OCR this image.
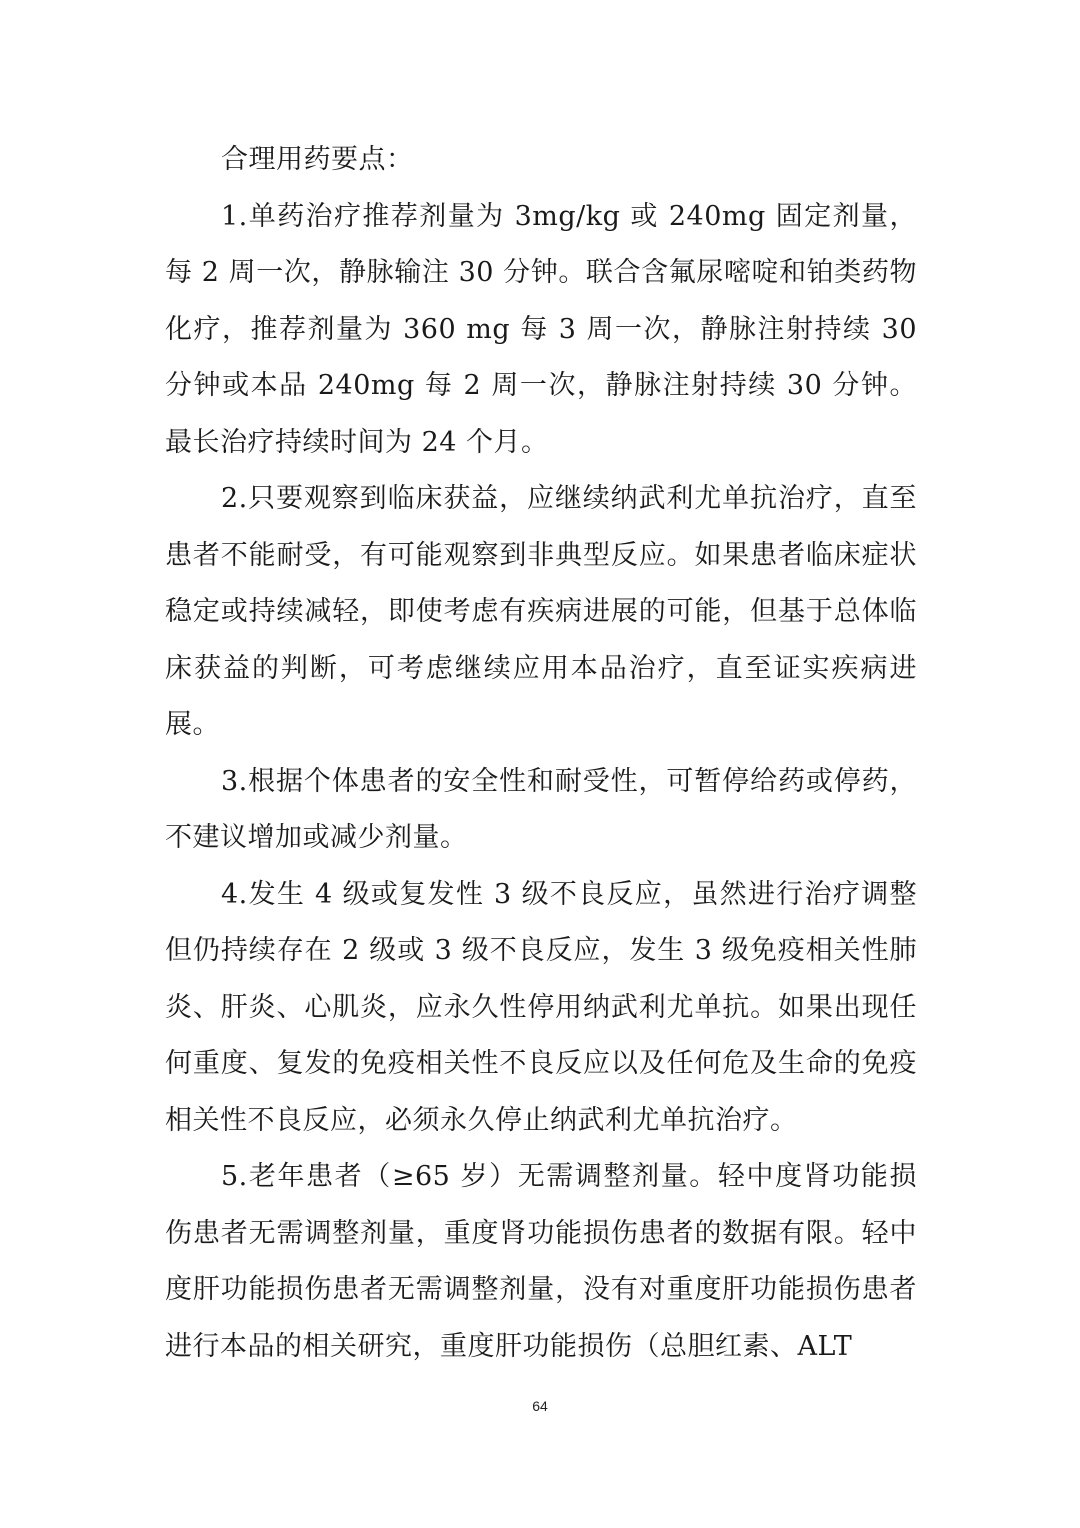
合理用药要点：

1.单药治疗推荐剂量为 3mg/kg 或 240mg 固定剂量，每 2 周一次，静脉输注 30 分钟。联合含氟尿嘧啶和铂类药物化疗，推荐剂量为 360 mg 每 3 周一次，静脉注射持续 30 分钟或本品 240mg 每 2 周一次，静脉注射持续 30 分钟。最长治疗持续时间为 24 个月。

2.只要观察到临床获益，应继续纳武利尤单抗治疗，直至患者不能耐受，有可能观察到非典型反应。如果患者临床症状稳定或持续减轻，即使考虑有疾病进展的可能，但基于总体临床获益的判断，可考虑继续应用本品治疗，直至证实疾病进展。

3.根据个体患者的安全性和耐受性，可暂停给药或停药，不建议增加或减少剂量。

4.发生 4 级或复发性 3 级不良反应，虽然进行治疗调整但仍持续存在 2 级或 3 级不良反应，发生 3 级免疫相关性肺炎、肝炎、心肌炎，应永久性停用纳武利尤单抗。如果出现任何重度、复发的免疫相关性不良反应以及任何危及生命的免疫相关性不良反应，必须永久停止纳武利尤单抗治疗。

5.老年患者（≥65 岁）无需调整剂量。轻中度肾功能损伤患者无需调整剂量，重度肾功能损伤患者的数据有限。轻中度肝功能损伤患者无需调整剂量，没有对重度肝功能损伤患者进行本品的相关研究，重度肝功能损伤（总胆红素、ALT

64
